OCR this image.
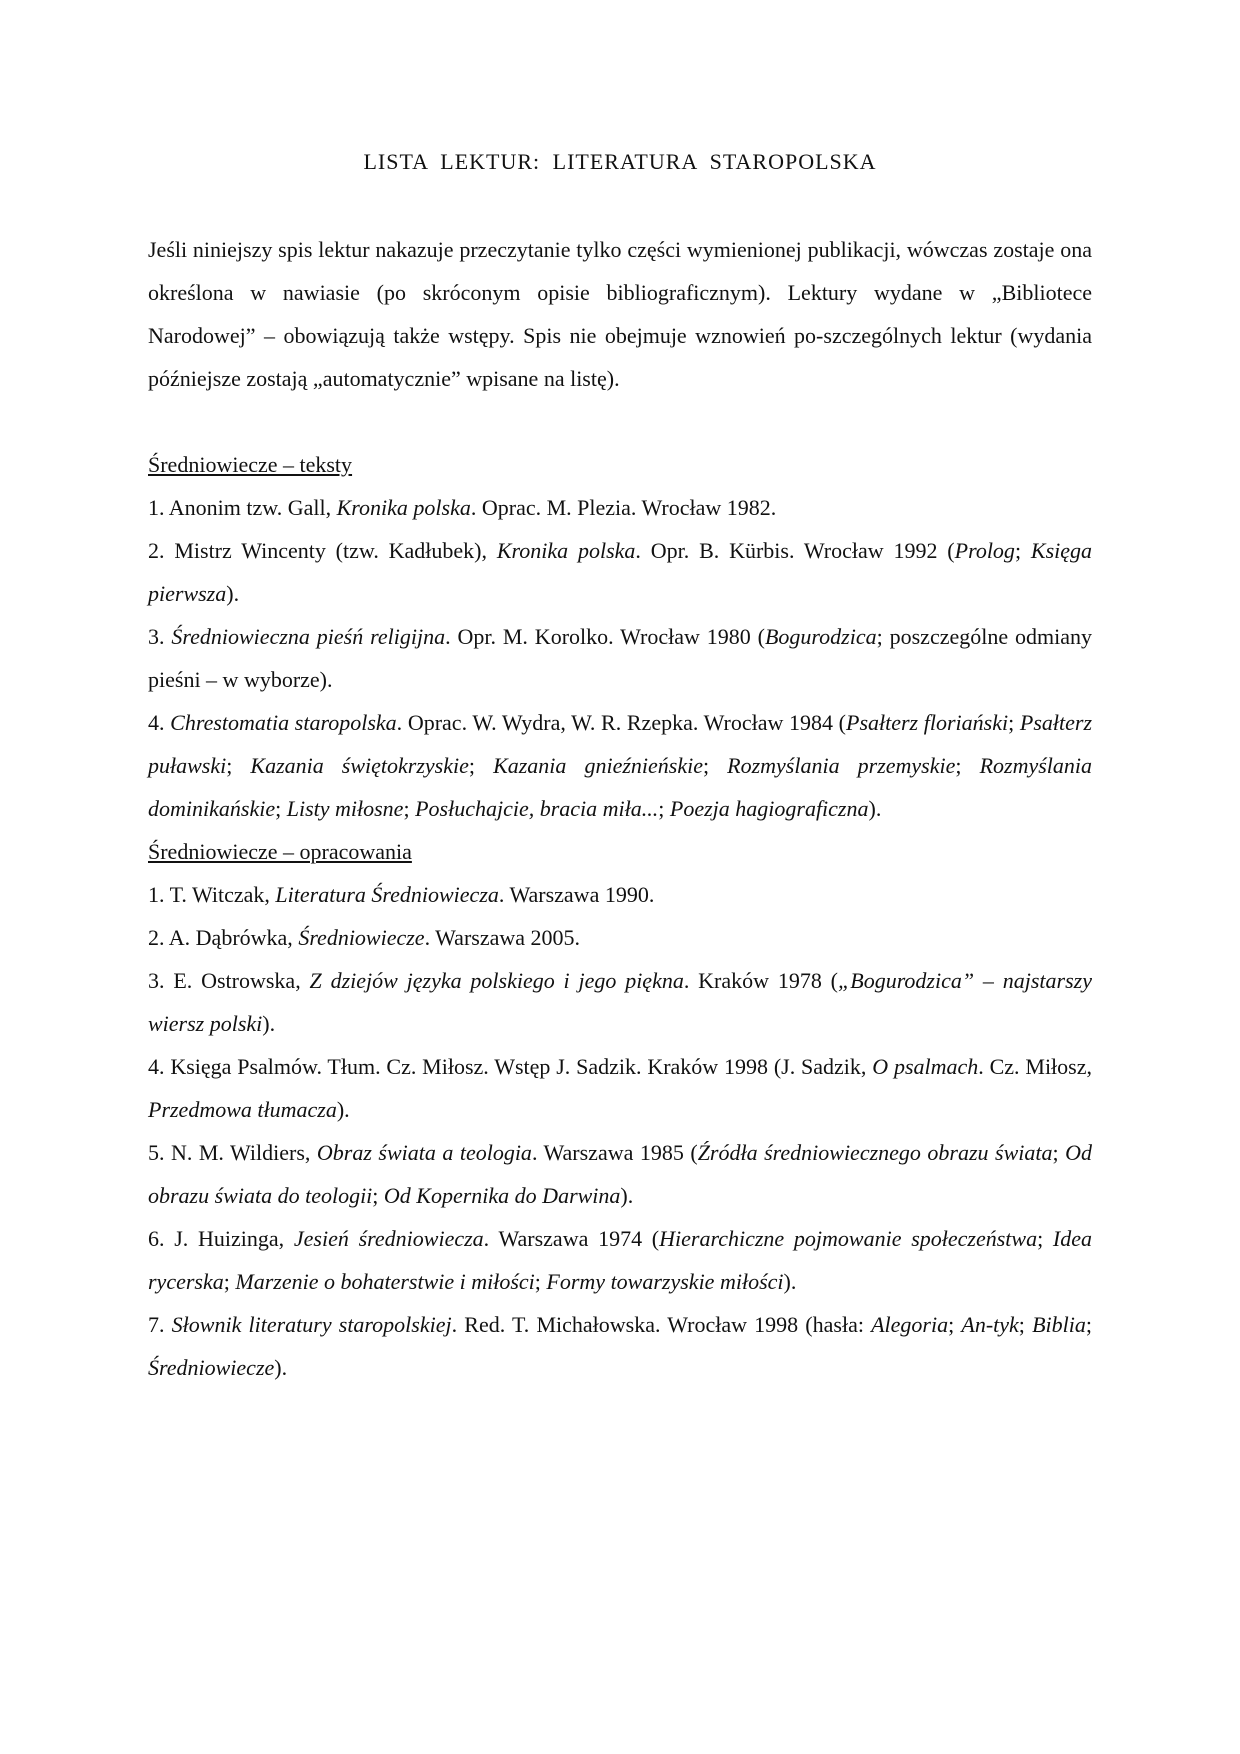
LISTA LEKTUR: LITERATURA STAROPOLSKA

Jeśli niniejszy spis lektur nakazuje przeczytanie tylko części wymienionej publikacji, wówczas zostaje ona określona w nawiasie (po skróconym opisie bibliograficznym). Lektury wydane w „Bibliotece Narodowej” – obowiązują także wstępy. Spis nie obejmuje wznowień po-szczególnych lektur (wydania późniejsze zostają „automatycznie” wpisane na listę).

Średniowiecze – teksty

1. Anonim tzw. Gall, Kronika polska. Oprac. M. Plezia. Wrocław 1982.

2. Mistrz Wincenty (tzw. Kadłubek), Kronika polska. Opr. B. Kürbis. Wrocław 1992 (Prolog; Księga pierwsza).

3. Średniowieczna pieśń religijna. Opr. M. Korolko. Wrocław 1980 (Bogurodzica; poszczególne odmiany pieśni – w wyborze).

4. Chrestomatia staropolska. Oprac. W. Wydra, W. R. Rzepka. Wrocław 1984 (Psałterz floriański; Psałterz puławski; Kazania świętokrzyskie; Kazania gnieźnieńskie; Rozmyślania przemyskie; Rozmyślania dominikańskie; Listy miłosne; Posłuchajcie, bracia miła...; Poezja hagiograficzna).

Średniowiecze – opracowania

1. T. Witczak, Literatura Średniowiecza. Warszawa 1990.

2. A. Dąbrówka, Średniowiecze. Warszawa 2005.

3. E. Ostrowska, Z dziejów języka polskiego i jego piękna. Kraków 1978 („Bogurodzica” – najstarszy wiersz polski).

4. Księga Psalmów. Tłum. Cz. Miłosz. Wstęp J. Sadzik. Kraków 1998 (J. Sadzik, O psalmach. Cz. Miłosz, Przedmowa tłumacza).

5. N. M. Wildiers, Obraz świata a teologia. Warszawa 1985 (Źródła średniowiecznego obrazu świata; Od obrazu świata do teologii; Od Kopernika do Darwina).

6. J. Huizinga, Jesień średniowiecza. Warszawa 1974 (Hierarchiczne pojmowanie społeczeństwa; Idea rycerska; Marzenie o bohaterstwie i miłości; Formy towarzyskie miłości).

7. Słownik literatury staropolskiej. Red. T. Michałowska. Wrocław 1998 (hasła: Alegoria; An-tyk; Biblia; Średniowiecze).
